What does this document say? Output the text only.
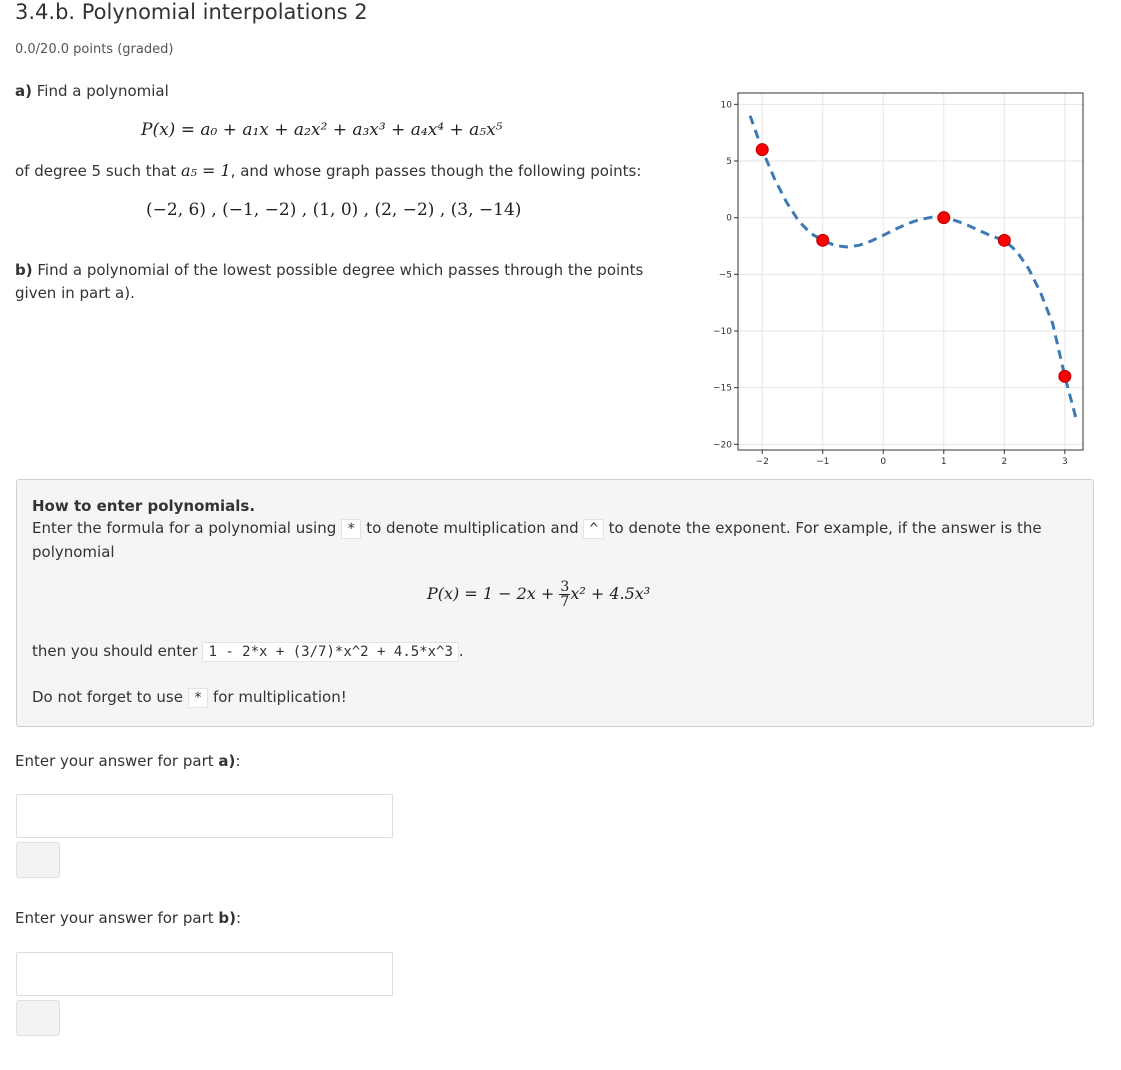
3.4.b. Polynomial interpolations 2
0.0/20.0 points (graded)
a) Find a polynomial
P(x) = a₀ + a₁x + a₂x² + a₃x³ + a₄x⁴ + a₅x⁵
of degree 5 such that a₅ = 1, and whose graph passes though the following points:
(−2, 6) , (−1, −2) , (1, 0) , (2, −2) , (3, −14)
b) Find a polynomial of the lowest possible degree which passes through the points
given in part a).
−2	−1	0	1	2	3
10
5
0
−5
−10
−15
−20
How to enter polynomials.
Enter the formula for a polynomial using * to denote multiplication and ^ to denote the exponent. For example, if the answer is the
polynomial
$P(x) = 1 - 2x + \frac{3}{7} x^2 + 4.5x^3$
then you should enter 1 - 2*x + (3/7)*x^2 + 4.5*x^3 .
Do not forget to use * for multiplication!
Enter your answer for part a):
Enter your answer for part b):
